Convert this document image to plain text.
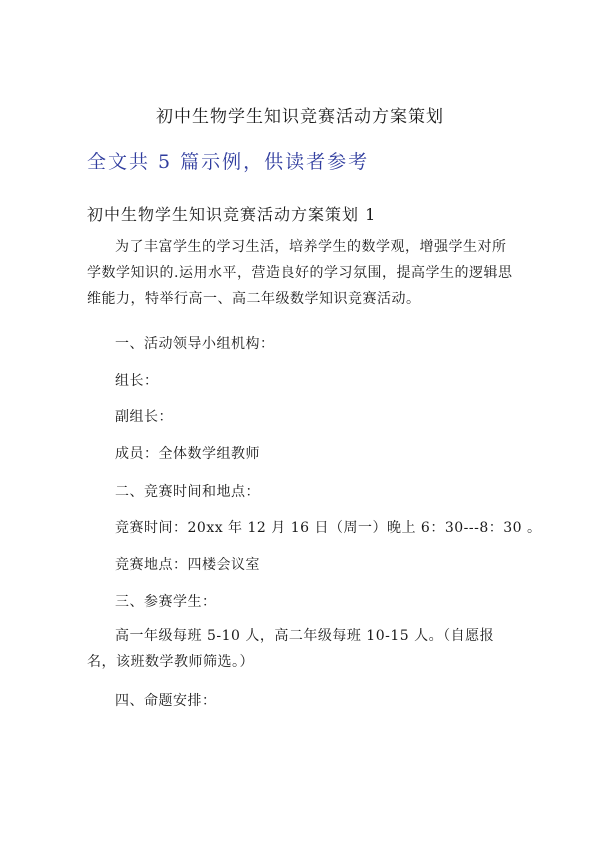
初中生物学生知识竞赛活动方案策划
全文共 5 篇示例，供读者参考
初中生物学生知识竞赛活动方案策划 1

为了丰富学生的学习生活，培养学生的数学观，增强学生对所学数学知识的.运用水平，营造良好的学习氛围，提高学生的逻辑思维能力，特举行高一、高二年级数学知识竞赛活动。

一、活动领导小组机构：
组长：
副组长：
成员：全体数学组教师
二、竞赛时间和地点：
竞赛时间：20xx 年 12 月 16 日（周一）晚上 6：30---8：30 。
竞赛地点：四楼会议室
三、参赛学生：

高一年级每班 5-10 人，高二年级每班 10-15 人。（自愿报名，该班数学教师筛选。）

四、命题安排：
